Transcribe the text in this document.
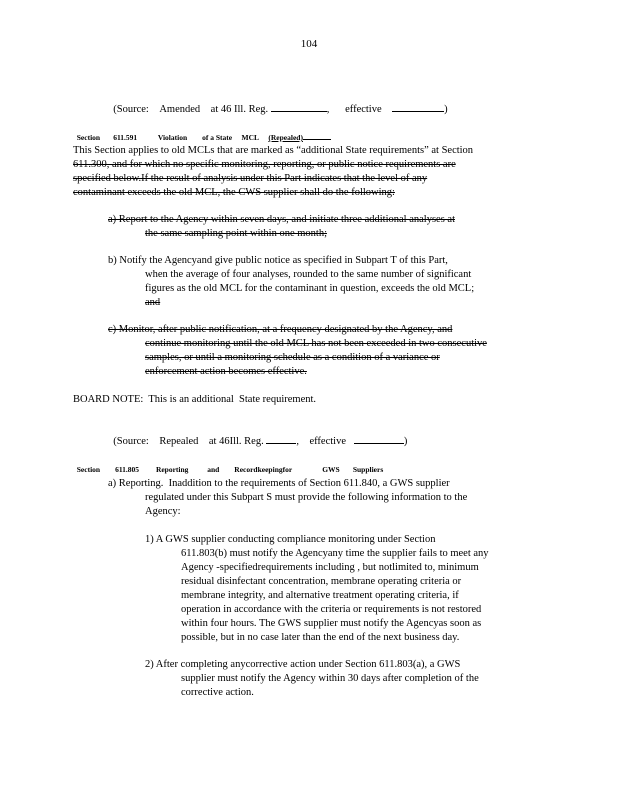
104

(Source: Amended at 46 Ill. Reg.	, effective	)

Section 611.591	Violation of a State MCL (Repealed)

This Section applies to old MCLs that are marked as “additional State requirements” at Section
611.300, and for which no specific monitoring, reporting, or public notice requirements are
specified below.If the result of analysis under this Part indicates that the level of any
contaminant exceeds the old MCL, the CWS supplier shall do the following:
a) Report to the Agency within seven days, and initiate three additional analyses at
the same sampling point within one month;
b) Notify the Agencyand give public notice as specified in Subpart T of this Part,
when the average of four analyses, rounded to the same number of significant
figures as the old MCL for the contaminant in question, exceeds the old MCL;
and
c) Monitor, after public notification, at a frequency designated by the Agency, and
continue monitoring until the old MCL has not been exceeded in two consecutive
samples, or until a monitoring schedule as a condition of a variance or
enforcement action becomes effective.
BOARD NOTE:  This is an additional  State requirement.

(Source: Repealed at 46Ill. Reg.	, effective	)

Section 611.805 Reporting	and Recordkeepingfor	GWS Suppliers

a) Reporting.  Inaddition to the requirements of Section 611.840, a GWS supplier
regulated under this Subpart S must provide the following information to the
Agency:
1) A GWS supplier conducting compliance monitoring under Section
611.803(b) must notify the Agencyany time the supplier fails to meet any
Agency -specifiedrequirements including , but notlimited to, minimum
residual disinfectant concentration, membrane operating criteria or
membrane integrity, and alternative treatment operating criteria, if
operation in accordance with the criteria or requirements is not restored
within four hours. The GWS supplier must notify the Agencyas soon as
possible, but in no case later than the end of the next business day.
2) After completing anycorrective action under Section 611.803(a), a GWS
supplier must notify the Agency within 30 days after completion of the
corrective action.
